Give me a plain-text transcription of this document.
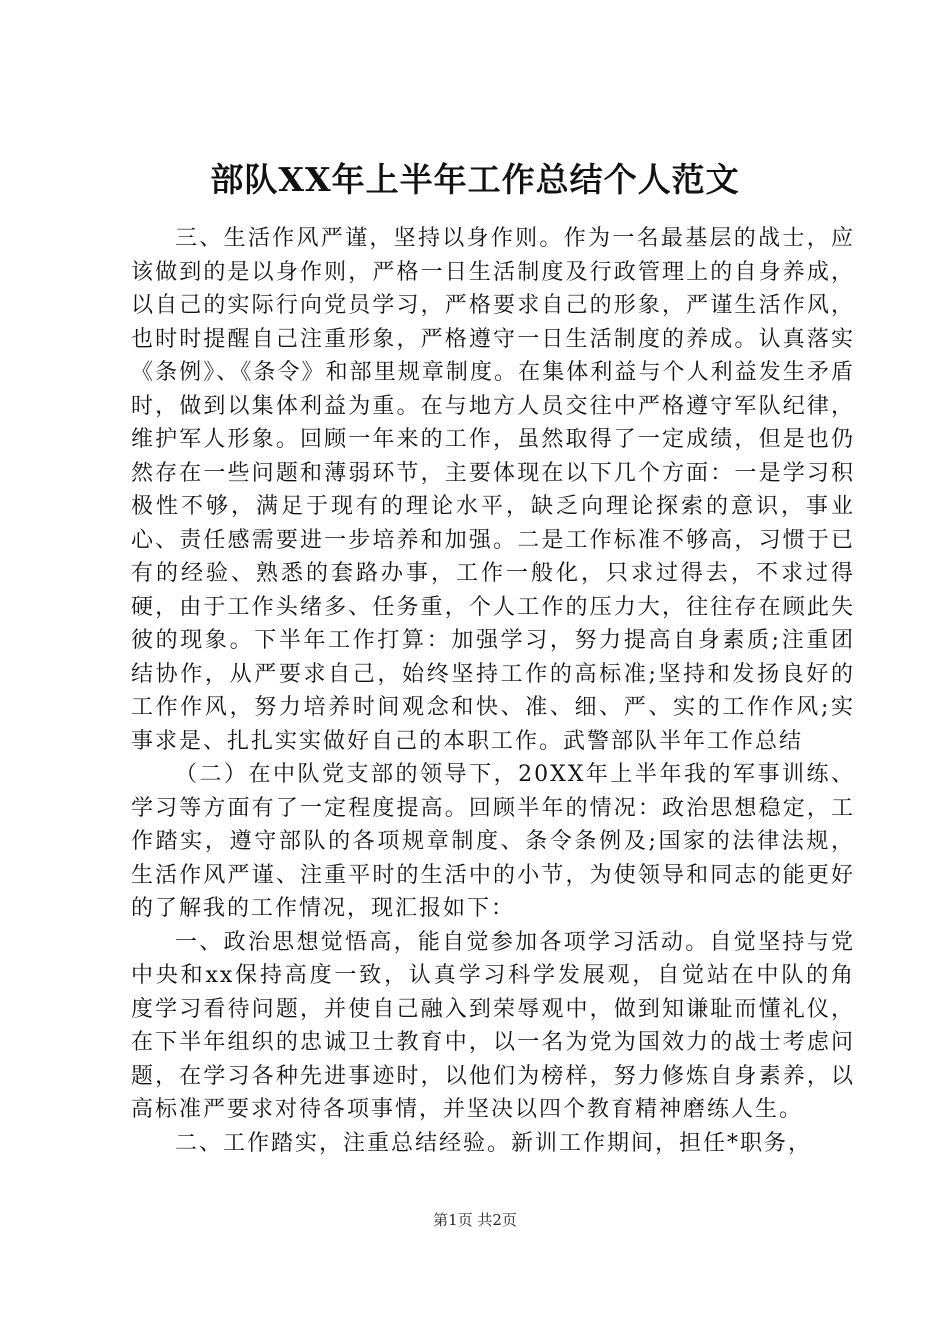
部队XX年上半年工作总结个人范文

三、生活作风严谨，坚持以身作则。作为一名最基层的战士，应该做到的是以身作则，严格一日生活制度及行政管理上的自身养成，以自己的实际行向党员学习，严格要求自己的形象，严谨生活作风，也时时提醒自己注重形象，严格遵守一日生活制度的养成。认真落实《条例》、《条令》和部里规章制度。在集体利益与个人利益发生矛盾时，做到以集体利益为重。在与地方人员交往中严格遵守军队纪律，维护军人形象。回顾一年来的工作，虽然取得了一定成绩，但是也仍然存在一些问题和薄弱环节，主要体现在以下几个方面：一是学习积极性不够，满足于现有的理论水平，缺乏向理论探索的意识，事业心、责任感需要进一步培养和加强。二是工作标准不够高，习惯于已有的经验、熟悉的套路办事，工作一般化，只求过得去，不求过得硬，由于工作头绪多、任务重，个人工作的压力大，往往存在顾此失彼的现象。下半年工作打算：加强学习，努力提高自身素质;注重团结协作，从严要求自己，始终坚持工作的高标准;坚持和发扬良好的工作作风，努力培养时间观念和快、准、细、严、实的工作作风;实事求是、扎扎实实做好自己的本职工作。武警部队半年工作总结

（二）在中队党支部的领导下，20XX年上半年我的军事训练、学习等方面有了一定程度提高。回顾半年的情况：政治思想稳定，工作踏实，遵守部队的各项规章制度、条令条例及;国家的法律法规，生活作风严谨、注重平时的生活中的小节，为使领导和同志的能更好的了解我的工作情况，现汇报如下：

一、政治思想觉悟高，能自觉参加各项学习活动。自觉坚持与党中央和xx保持高度一致，认真学习科学发展观，自觉站在中队的角度学习看待问题，并使自己融入到荣辱观中，做到知谦耻而懂礼仪，在下半年组织的忠诚卫士教育中，以一名为党为国效力的战士考虑问题，在学习各种先进事迹时，以他们为榜样，努力修炼自身素养，以高标准严要求对待各项事情，并坚决以四个教育精神磨练人生。

二、工作踏实，注重总结经验。新训工作期间，担任*职务，

第1页 共2页
